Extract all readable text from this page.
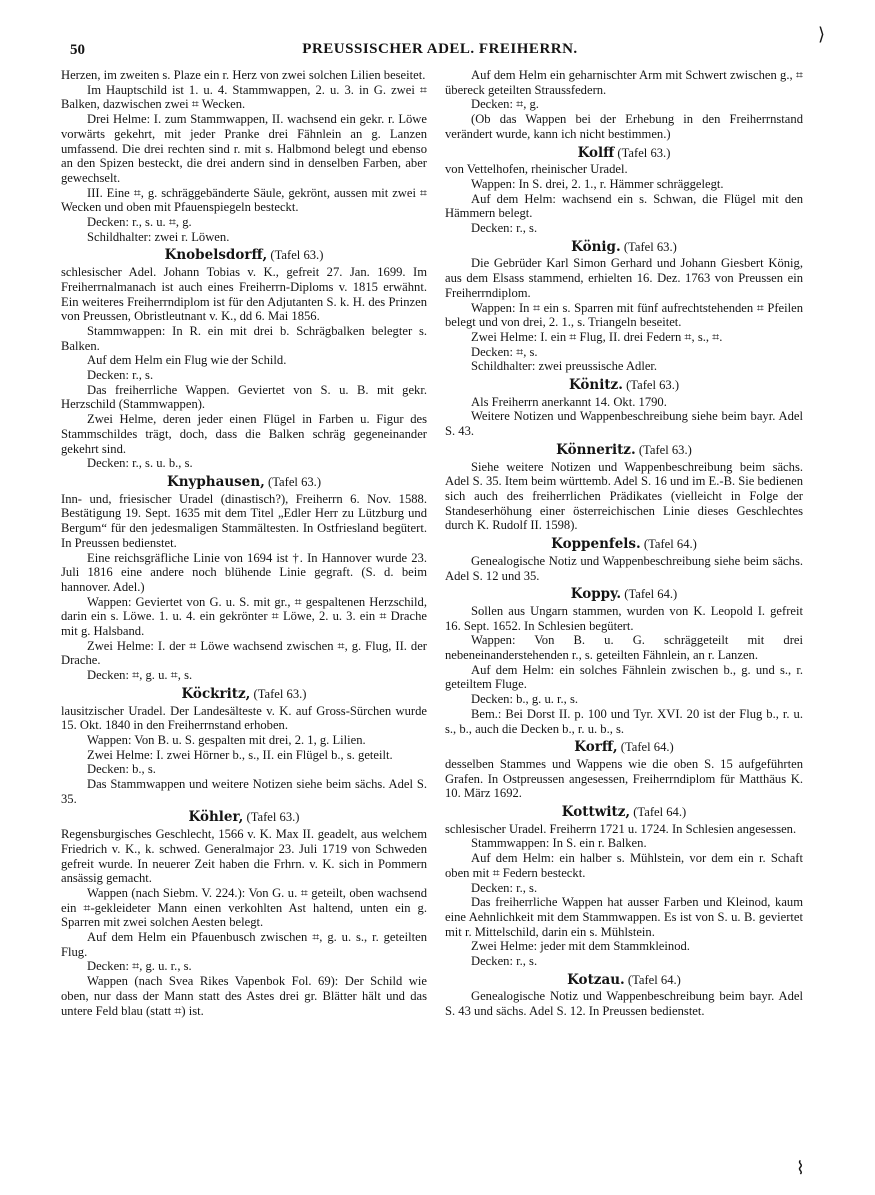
⟩
⌇
50	PREUSSISCHER ADEL. FREIHERRN.

Herzen, im zweiten s. Plaze ein r. Herz von zwei solchen Lilien beseitet.

Im Hauptschild ist 1. u. 4. Stammwappen, 2. u. 3. in G. zwei ⌗ Balken, dazwischen zwei ⌗ Wecken.

Drei Helme: I. zum Stammwappen, II. wachsend ein gekr. r. Löwe vorwärts gekehrt, mit jeder Pranke drei Fähnlein an g. Lanzen umfassend. Die drei rechten sind r. mit s. Halbmond belegt und ebenso an den Spizen besteckt, die drei andern sind in denselben Farben, aber gewechselt.

III. Eine ⌗, g. schräggebänderte Säule, gekrönt, aussen mit zwei ⌗ Wecken und oben mit Pfauenspiegeln besteckt.

Decken: r., s. u. ⌗, g.

Schildhalter: zwei r. Löwen.

Knobelsdorff, (Tafel 63.)

schlesischer Adel. Johann Tobias v. K., gefreit 27. Jan. 1699. Im Freiherrnalmanach ist auch eines Freiherrn-Diploms v. 1815 erwähnt. Ein weiteres Freiherrndiplom ist für den Adjutanten S. k. H. des Prinzen von Preussen, Obristleutnant v. K., dd 6. Mai 1856.

Stammwappen: In R. ein mit drei b. Schrägbalken belegter s. Balken.

Auf dem Helm ein Flug wie der Schild.

Decken: r., s.

Das freiherrliche Wappen. Geviertet von S. u. B. mit gekr. Herzschild (Stammwappen).

Zwei Helme, deren jeder einen Flügel in Farben u. Figur des Stammschildes trägt, doch, dass die Balken schräg gegeneinander gekehrt sind.

Decken: r., s. u. b., s.

Knyphausen, (Tafel 63.)

Inn- und, friesischer Uradel (dinastisch?), Freiherrn 6. Nov. 1588. Bestätigung 19. Sept. 1635 mit dem Titel „Edler Herr zu Lützburg und Bergum“ für den jedesmaligen Stammältesten. In Ostfriesland begütert. In Preussen bedienstet.

Eine reichsgräfliche Linie von 1694 ist †. In Hannover wurde 23. Juli 1816 eine andere noch blühende Linie gegraft. (S. d. beim hannover. Adel.)

Wappen: Geviertet von G. u. S. mit gr., ⌗ gespaltenen Herzschild, darin ein s. Löwe. 1. u. 4. ein gekrönter ⌗ Löwe, 2. u. 3. ein ⌗ Drache mit g. Halsband.

Zwei Helme: I. der ⌗ Löwe wachsend zwischen ⌗, g. Flug, II. der Drache.

Decken: ⌗, g. u. ⌗, s.

Köckritz, (Tafel 63.)

lausitzischer Uradel. Der Landesälteste v. K. auf Gross-Sürchen wurde 15. Okt. 1840 in den Freiherrnstand erhoben.

Wappen: Von B. u. S. gespalten mit drei, 2. 1, g. Lilien.

Zwei Helme: I. zwei Hörner b., s., II. ein Flügel b., s. geteilt.

Decken: b., s.

Das Stammwappen und weitere Notizen siehe beim sächs. Adel S. 35.

Köhler, (Tafel 63.)

Regensburgisches Geschlecht, 1566 v. K. Max II. geadelt, aus welchem Friedrich v. K., k. schwed. Generalmajor 23. Juli 1719 von Schweden gefreit wurde. In neuerer Zeit haben die Frhrn. v. K. sich in Pommern ansässig gemacht.

Wappen (nach Siebm. V. 224.): Von G. u. ⌗ geteilt, oben wachsend ein ⌗-gekleideter Mann einen verkohlten Ast haltend, unten ein g. Sparren mit zwei solchen Aesten belegt.

Auf dem Helm ein Pfauenbusch zwischen ⌗, g. u. s., r. geteilten Flug.

Decken: ⌗, g. u. r., s.

Wappen (nach Svea Rikes Vapenbok Fol. 69): Der Schild wie oben, nur dass der Mann statt des Astes drei gr. Blätter hält und das untere Feld blau (statt ⌗) ist.

Auf dem Helm ein geharnischter Arm mit Schwert zwischen g., ⌗ übereck geteilten Straussfedern.

Decken: ⌗, g.

(Ob das Wappen bei der Erhebung in den Freiherrnstand verändert wurde, kann ich nicht bestimmen.)

Kolff (Tafel 63.)

von Vettelhofen, rheinischer Uradel.

Wappen: In S. drei, 2. 1., r. Hämmer schräggelegt.

Auf dem Helm: wachsend ein s. Schwan, die Flügel mit den Hämmern belegt.

Decken: r., s.

König. (Tafel 63.)

Die Gebrüder Karl Simon Gerhard und Johann Giesbert König, aus dem Elsass stammend, erhielten 16. Dez. 1763 von Preussen ein Freiherrndiplom.

Wappen: In ⌗ ein s. Sparren mit fünf aufrechtstehenden ⌗ Pfeilen belegt und von drei, 2. 1., s. Triangeln beseitet.

Zwei Helme: I. ein ⌗ Flug, II. drei Federn ⌗, s., ⌗.

Decken: ⌗, s.

Schildhalter: zwei preussische Adler.

Könitz. (Tafel 63.)

Als Freiherrn anerkannt 14. Okt. 1790.

Weitere Notizen und Wappenbeschreibung siehe beim bayr. Adel S. 43.

Könneritz. (Tafel 63.)

Siehe weitere Notizen und Wappenbeschreibung beim sächs. Adel S. 35. Item beim württemb. Adel S. 16 und im E.-B. Sie bedienen sich auch des freiherrlichen Prädikates (vielleicht in Folge der Standeserhöhung einer österreichischen Linie dieses Geschlechtes durch K. Rudolf II. 1598).

Koppenfels. (Tafel 64.)

Genealogische Notiz und Wappenbeschreibung siehe beim sächs. Adel S. 12 und 35.

Koppy. (Tafel 64.)

Sollen aus Ungarn stammen, wurden von K. Leopold I. gefreit 16. Sept. 1652. In Schlesien begütert.

Wappen: Von B. u. G. schräggeteilt mit drei nebeneinanderstehenden r., s. geteilten Fähnlein, an r. Lanzen.

Auf dem Helm: ein solches Fähnlein zwischen b., g. und s., r. geteiltem Fluge.

Decken: b., g. u. r., s.

Bem.: Bei Dorst II. p. 100 und Tyr. XVI. 20 ist der Flug b., r. u. s., b., auch die Decken b., r. u. b., s.

Korff, (Tafel 64.)

desselben Stammes und Wappens wie die oben S. 15 aufgeführten Grafen. In Ostpreussen angesessen, Freiherrndiplom für Matthäus K. 10. März 1692.

Kottwitz, (Tafel 64.)

schlesischer Uradel. Freiherrn 1721 u. 1724. In Schlesien angesessen.

Stammwappen: In S. ein r. Balken.

Auf dem Helm: ein halber s. Mühlstein, vor dem ein r. Schaft oben mit ⌗ Federn besteckt.

Decken: r., s.

Das freiherrliche Wappen hat ausser Farben und Kleinod, kaum eine Aehnlichkeit mit dem Stammwappen. Es ist von S. u. B. geviertet mit r. Mittelschild, darin ein s. Mühlstein.

Zwei Helme: jeder mit dem Stammkleinod.

Decken: r., s.

Kotzau. (Tafel 64.)

Genealogische Notiz und Wappenbeschreibung beim bayr. Adel S. 43 und sächs. Adel S. 12. In Preussen bedienstet.
